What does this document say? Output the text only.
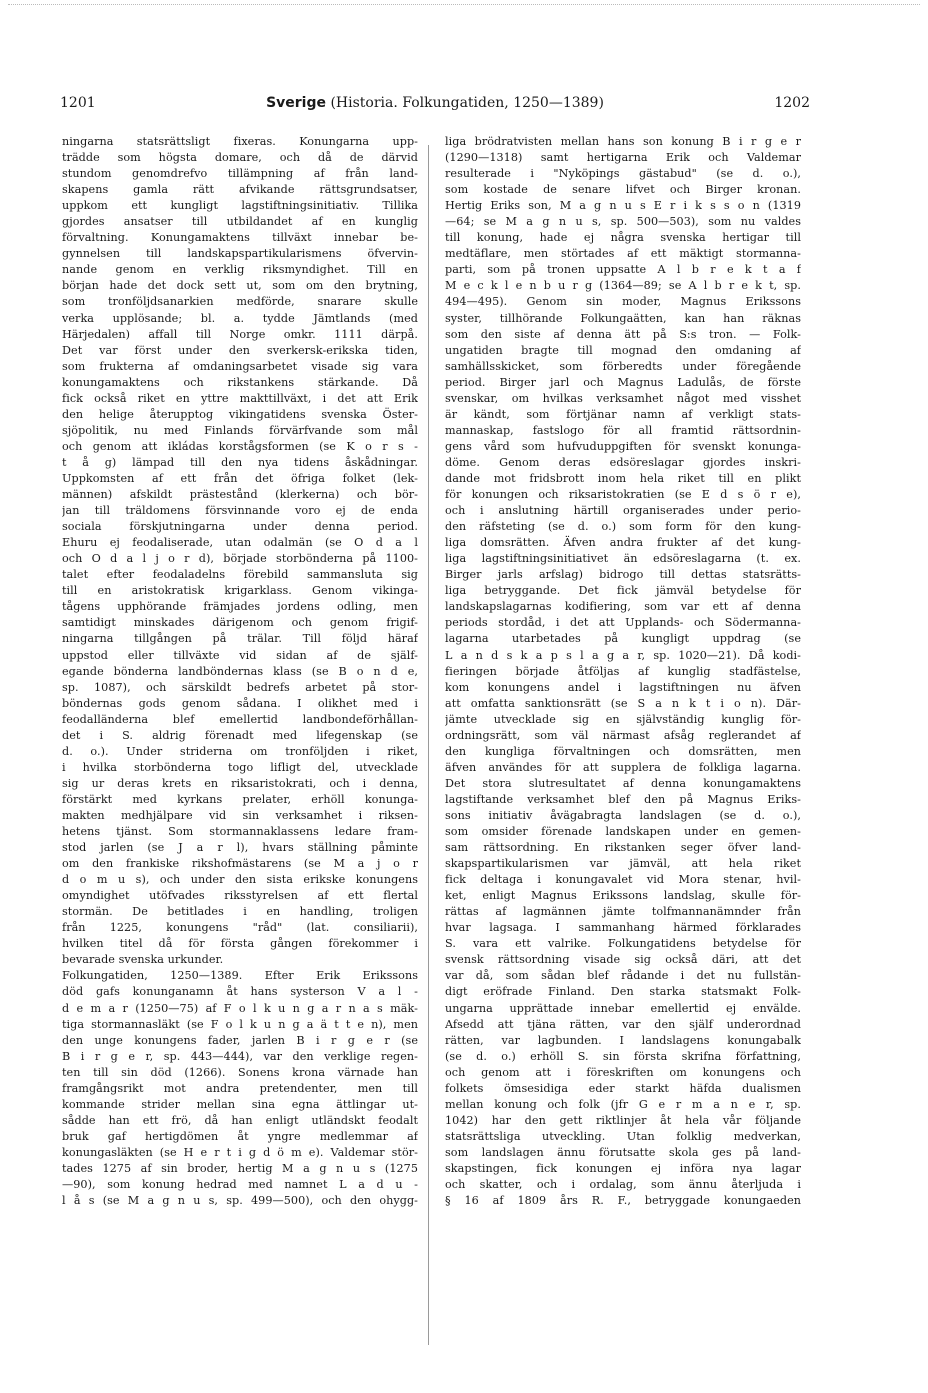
1201	Sverige (Historia. Folkungatiden, 1250—1389)	1202
ningarna statsrättsligt fixeras. Konungarna upp-
trädde som högsta domare, och då de därvid
stundom genomdrefvo tillämpning af från land-
skapens gamla rätt afvikande rättsgrundsatser,
uppkom ett kungligt lagstiftningsinitiativ. Tillika
gjordes ansatser till utbildandet af en kunglig
förvaltning. Konungamaktens tillväxt innebar be-
gynnelsen till landskapspartikularismens öfvervin-
nande genom en verklig riksmyndighet. Till en
början hade det dock sett ut, som om den brytning,
som tronföljdsanarkien medförde, snarare skulle
verka upplösande; bl. a. tydde Jämtlands (med
Härjedalen) affall till Norge omkr. 1111 därpå.
Det var först under den sverkersk-erikska tiden,
som frukterna af omdaningsarbetet visade sig vara
konungamaktens och rikstankens stärkande. Då
fick också riket en yttre makttillväxt, i det att Erik
den helige återupptog vikingatidens svenska Öster-
sjöpolitik, nu med Finlands förvärfvande som mål
och genom att ikládas korstågsformen (se K o r s -
t å g) lämpad till den nya tidens åskådningar.
Uppkomsten af ett från det öfriga folket (lek-
männen) afskildt prästestånd (klerkerna) och bör-
jan till träldomens försvinnande voro ej de enda
sociala förskjutningarna under denna period.
Ehuru ej feodaliserade, utan odalmän (se O d a l
och O d a l j o r d), började storbönderna på 1100-
talet efter feodaladelns förebild sammansluta sig
till en aristokratisk krigarklass. Genom vikinga-
tågens upphörande främjades jordens odling, men
samtidigt minskades därigenom och genom frigif-
ningarna tillgången på trälar. Till följd häraf
uppstod eller tillväxte vid sidan af de själf-
egande bönderna landböndernas klass (se B o n d e,
sp. 1087), och särskildt bedrefs arbetet på stor-
böndernas gods genom sådana. I olikhet med i
feodalländerna blef emellertid landbondeförhållan-
det i S. aldrig förenadt med lifegenskap (se
d. o.). Under striderna om tronföljden i riket,
i hvilka storbönderna togo lifligt del, utvecklade
sig ur deras krets en riksaristokrati, och i denna,
förstärkt med kyrkans prelater, erhöll konunga-
makten medhjälpare vid sin verksamhet i riksen-
hetens tjänst. Som stormannaklassens ledare fram-
stod jarlen (se J a r l), hvars ställning påminte
om den frankiske rikshofmästarens (se M a j o r
d o m u s), och under den sista erikske konungens
omyndighet utöfvades riksstyrelsen af ett flertal
stormän. De betitlades i en handling, troligen
från 1225, konungens "råd" (lat. consiliarii),
hvilken titel då för första gången förekommer i
bevarade svenska urkunder.
Folkungatiden, 1250—1389. Efter Erik Erikssons
död gafs konunganamn åt hans systerson V a l -
d e m a r (1250—75) af F o l k u n g a r n a s mäk-
tiga stormannasläkt (se F o l k u n g a ä t t e n), men
den unge konungens fader, jarlen B i r g e r (se
B i r g e r, sp. 443—444), var den verklige regen-
ten till sin död (1266). Sonens krona värnade han
framgångsrikt mot andra pretendenter, men till
kommande strider mellan sina egna ättlingar ut-
sådde han ett frö, då han enligt utländskt feodalt
bruk gaf hertigdömen åt yngre medlemmar af
konungasläkten (se H e r t i g d ö m e). Valdemar stör-
tades 1275 af sin broder, hertig M a g n u s (1275
—90), som konung hedrad med namnet L a d u -
l å s (se M a g n u s, sp. 499—500), och den ohygg-
liga brödratvisten mellan hans son konung B i r g e r
(1290—1318) samt hertigarna Erik och Valdemar
resulterade i "Nyköpings gästabud" (se d. o.),
som kostade de senare lifvet och Birger kronan.
Hertig Eriks son, M a g n u s E r i k s s o n (1319
—64; se M a g n u s, sp. 500—503), som nu valdes
till konung, hade ej några svenska hertigar till
medtäflare, men störtades af ett mäktigt stormanna-
parti, som på tronen uppsatte A l b r e k t a f
M e c k l e n b u r g (1364—89; se A l b r e k t, sp.
494—495). Genom sin moder, Magnus Erikssons
syster, tillhörande Folkungaätten, kan han räknas
som den siste af denna ätt på S:s tron. — Folk-
ungatiden bragte till mognad den omdaning af
samhällsskicket, som förberedts under föregående
period. Birger jarl och Magnus Ladulås, de förste
svenskar, om hvilkas verksamhet något med visshet
är kändt, som förtjänar namn af verkligt stats-
mannaskap, fastslogo för all framtid rättsordnin-
gens vård som hufvuduppgiften för svenskt konunga-
döme. Genom deras edsöreslagar gjordes inskri-
dande mot fridsbrott inom hela riket till en plikt
för konungen och riksaristokratien (se E d s ö r e),
och i anslutning härtill organiserades under perio-
den räfsteting (se d. o.) som form för den kung-
liga domsrätten. Äfven andra frukter af det kung-
liga lagstiftningsinitiativet än edsöreslagarna (t. ex.
Birger jarls arfslag) bidrogo till dettas statsrätts-
liga betryggande. Det fick jämväl betydelse för
landskapslagarnas kodifiering, som var ett af denna
periods stordåd, i det att Upplands- och Södermanna-
lagarna utarbetades på kungligt uppdrag (se
L a n d s k a p s l a g a r, sp. 1020—21). Då kodi-
fieringen började åtföljas af kunglig stadfästelse,
kom konungens andel i lagstiftningen nu äfven
att omfatta sanktionsrätt (se S a n k t i o n). Där-
jämte utvecklade sig en självständig kunglig för-
ordningsrätt, som väl närmast afsåg reglerandet af
den kungliga förvaltningen och domsrätten, men
äfven användes för att supplera de folkliga lagarna.
Det stora slutresultatet af denna konungamaktens
lagstiftande verksamhet blef den på Magnus Eriks-
sons initiativ åvägabragta landslagen (se d. o.),
som omsider förenade landskapen under en gemen-
sam rättsordning. En rikstanken seger öfver land-
skapspartikularismen var jämväl, att hela riket
fick deltaga i konungavalet vid Mora stenar, hvil-
ket, enligt Magnus Erikssons landslag, skulle för-
rättas af lagmännen jämte tolfmannanämnder från
hvar lagsaga. I sammanhang härmed förklarades
S. vara ett valrike. Folkungatidens betydelse för
svensk rättsordning visade sig också däri, att det
var då, som sådan blef rådande i det nu fullstän-
digt eröfrade Finland. Den starka statsmakt Folk-
ungarna upprättade innebar emellertid ej envälde.
Afsedd att tjäna rätten, var den själf underordnad
rätten, var lagbunden. I landslagens konungabalk
(se d. o.) erhöll S. sin första skrifna författning,
och genom att i föreskriften om konungens och
folkets ömsesidiga eder starkt häfda dualismen
mellan konung och folk (jfr G e r m a n e r, sp.
1042) har den gett riktlinjer åt hela vår följande
statsrättsliga utveckling. Utan folklig medverkan,
som landslagen ännu förutsatte skola ges på land-
skapstingen, fick konungen ej införa nya lagar
och skatter, och i ordalag, som ännu återljuda i
§ 16 af 1809 års R. F., betryggade konungaeden
